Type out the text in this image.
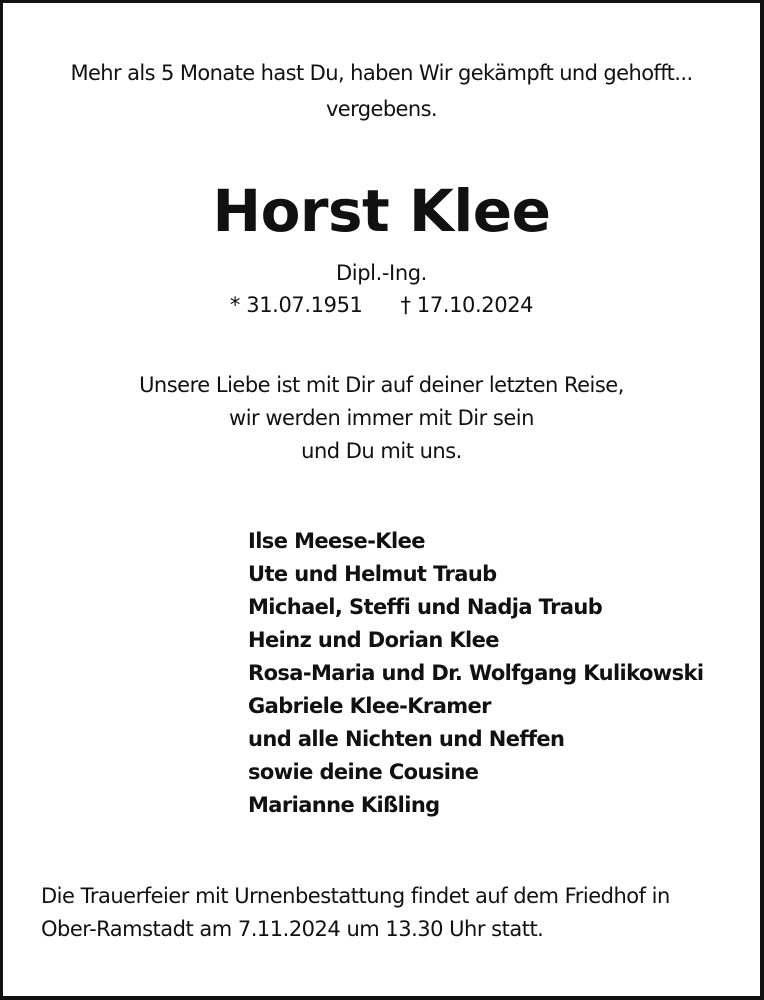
Mehr als 5 Monate hast Du, haben Wir gekämpft und gehofft...
vergebens.
Horst Klee
Dipl.-Ing.
* 31.07.1951 † 17.10.2024
Unsere Liebe ist mit Dir auf deiner letzten Reise,
wir werden immer mit Dir sein
und Du mit uns.
Ilse Meese-Klee
Ute und Helmut Traub
Michael, Steffi und Nadja Traub
Heinz und Dorian Klee
Rosa-Maria und Dr. Wolfgang Kulikowski
Gabriele Klee-Kramer
und alle Nichten und Neffen
sowie deine Cousine
Marianne Kißling
Die Trauerfeier mit Urnenbestattung findet auf dem Friedhof in
Ober-Ramstadt am 7.11.2024 um 13.30 Uhr statt.
